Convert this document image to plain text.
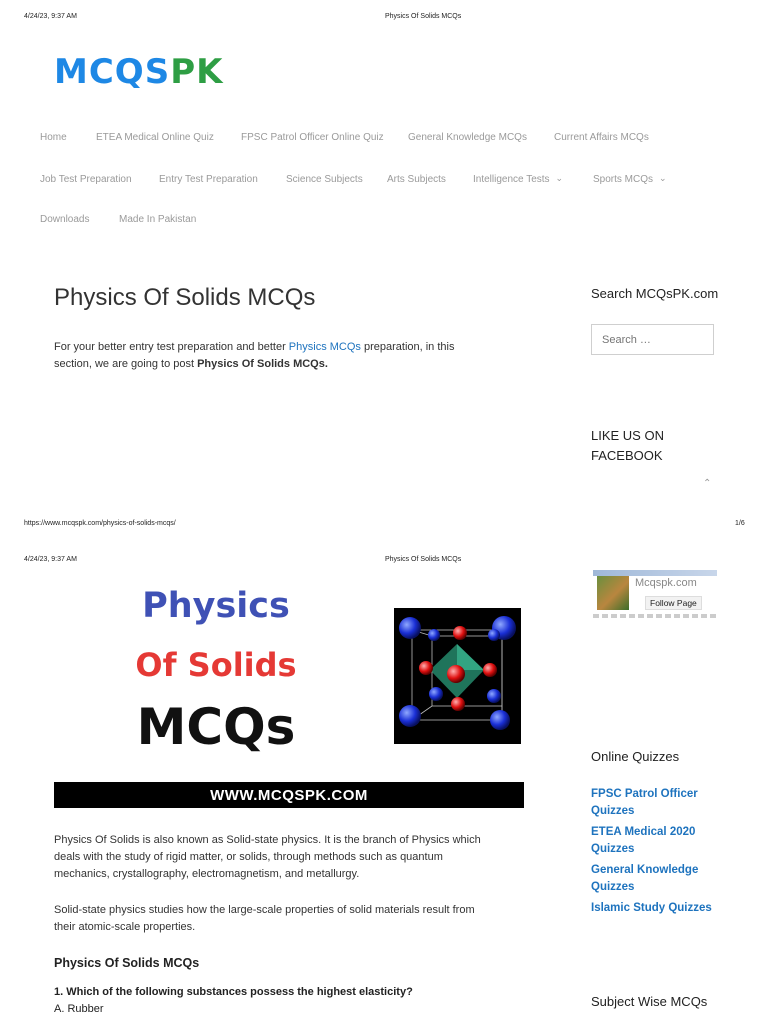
4/24/23, 9:37 AM	Physics Of Solids MCQs
MCQSPK
Home	ETEA Medical Online Quiz	FPSC Patrol Officer Online Quiz General Knowledge MCQs	Current Affairs MCQs
Job Test Preparation	Entry Test Preparation	Science Subjects Arts Subjects	Intelligence Tests ⌄	Sports MCQs ⌄
Downloads	Made In Pakistan
Physics Of Solids MCQs
For your better entry test preparation and better Physics MCQs preparation, in this
section, we are going to post Physics Of Solids MCQs.
Search MCQsPK.com
Search …
LIKE US ON
FACEBOOK
⌃
https://www.mcqspk.com/physics-of-solids-mcqs/	1/6
4/24/23, 9:37 AM	Physics Of Solids MCQs
Mcqspk.com
Follow Page
Physics
Of Solids
MCQs
WWW.MCQSPK.COM
Physics Of Solids is also known as Solid-state physics. It is the branch of Physics which
deals with the study of rigid matter, or solids, through methods such as quantum
mechanics, crystallography, electromagnetism, and metallurgy.
Solid-state physics studies how the large-scale properties of solid materials result from
their atomic-scale properties.
Physics Of Solids MCQs
1. Which of the following substances possess the highest elasticity?
A. Rubber
Online Quizzes
FPSC Patrol Officer
Quizzes
ETEA Medical 2020
Quizzes
General Knowledge
Quizzes
Islamic Study Quizzes
Subject Wise MCQs
